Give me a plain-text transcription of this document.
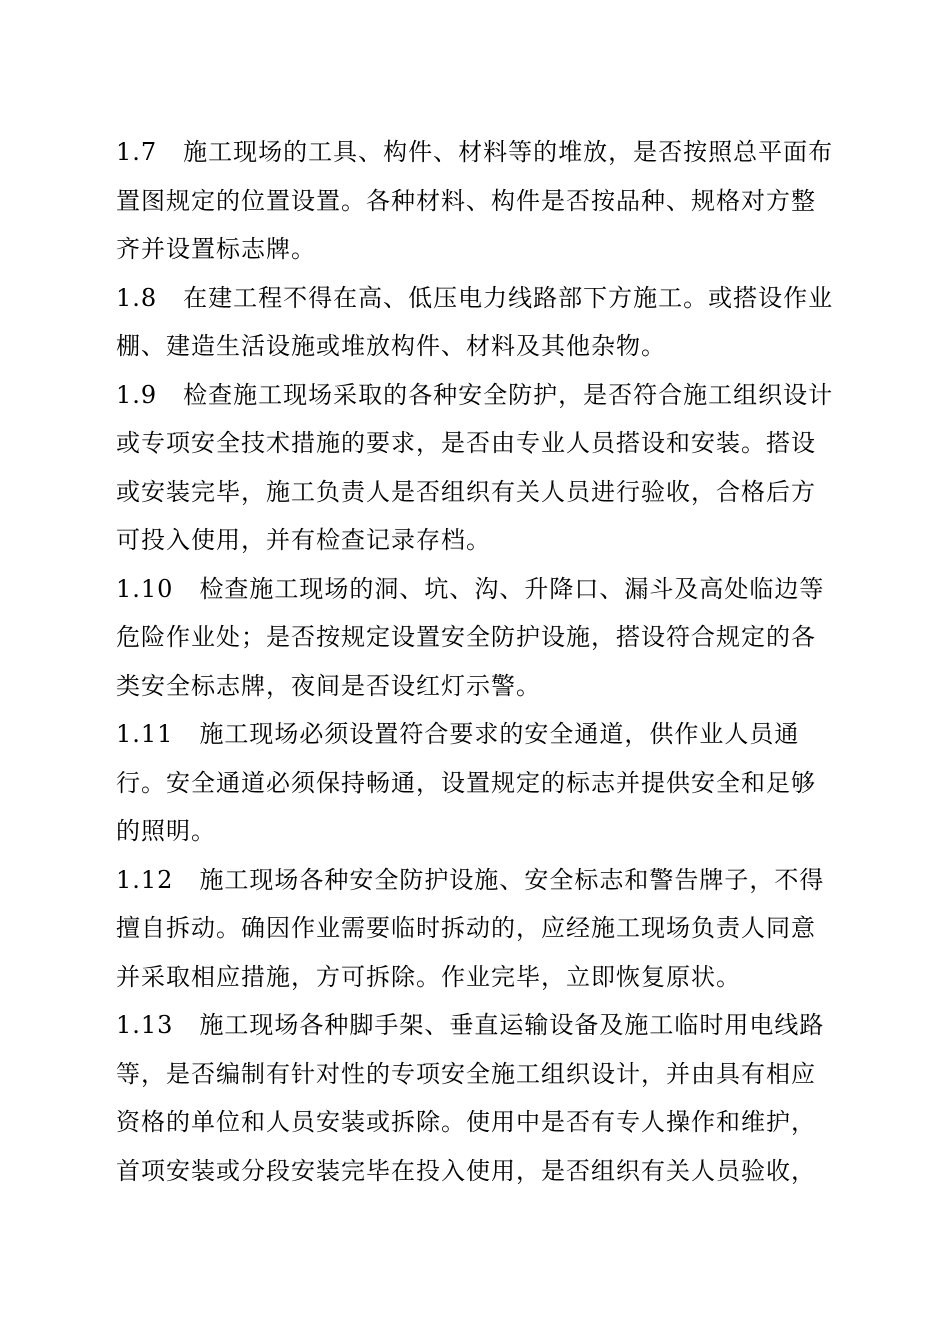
1.7 施工现场的工具、构件、材料等的堆放，是否按照总平面布置图规定的位置设置。各种材料、构件是否按品种、规格对方整齐并设置标志牌。

1.8 在建工程不得在高、低压电力线路部下方施工。或搭设作业棚、建造生活设施或堆放构件、材料及其他杂物。

1.9 检查施工现场采取的各种安全防护，是否符合施工组织设计或专项安全技术措施的要求，是否由专业人员搭设和安装。搭设或安装完毕，施工负责人是否组织有关人员进行验收，合格后方可投入使用，并有检查记录存档。

1.10 检查施工现场的洞、坑、沟、升降口、漏斗及高处临边等危险作业处；是否按规定设置安全防护设施，搭设符合规定的各类安全标志牌，夜间是否设红灯示警。

1.11 施工现场必须设置符合要求的安全通道，供作业人员通行。安全通道必须保持畅通，设置规定的标志并提供安全和足够的照明。

1.12 施工现场各种安全防护设施、安全标志和警告牌子，不得擅自拆动。确因作业需要临时拆动的，应经施工现场负责人同意并采取相应措施，方可拆除。作业完毕，立即恢复原状。

1.13 施工现场各种脚手架、垂直运输设备及施工临时用电线路等，是否编制有针对性的专项安全施工组织设计，并由具有相应资格的单位和人员安装或拆除。使用中是否有专人操作和维护，首项安装或分段安装完毕在投入使用，是否组织有关人员验收，
